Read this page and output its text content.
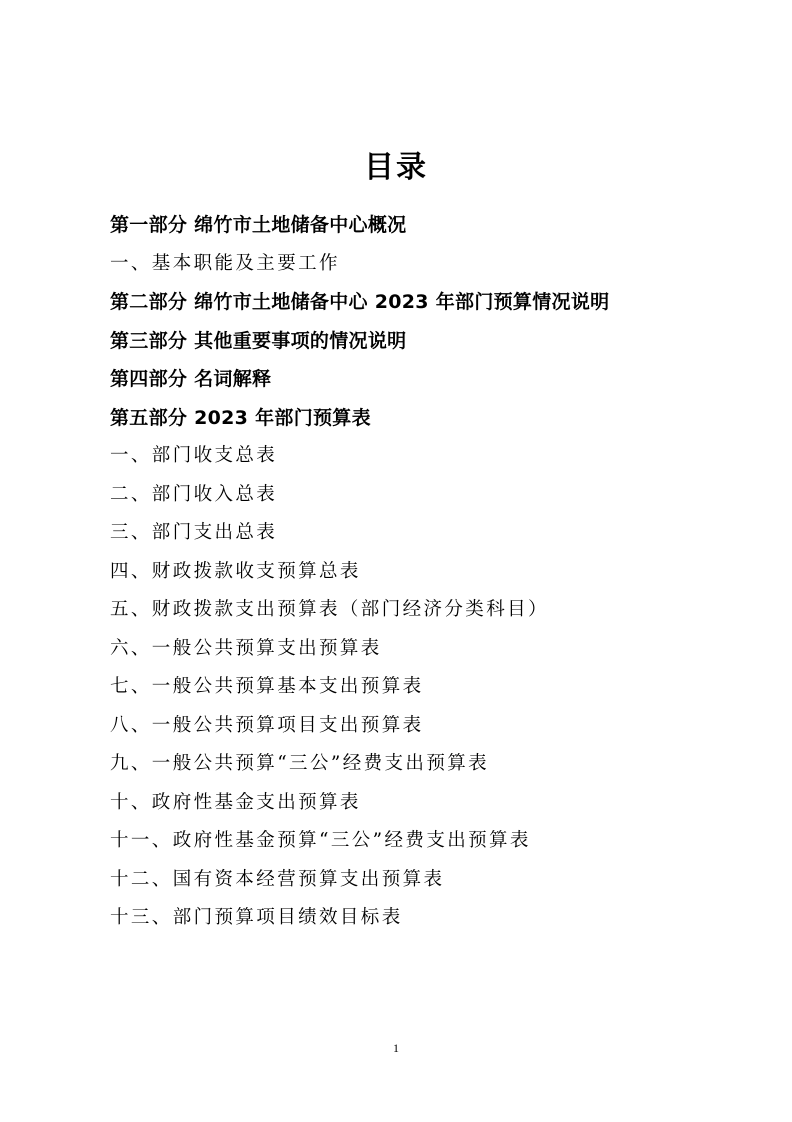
目录
第一部分 绵竹市土地储备中心概况
一、基本职能及主要工作
第二部分 绵竹市土地储备中心 2023 年部门预算情况说明
第三部分 其他重要事项的情况说明
第四部分 名词解释
第五部分 2023 年部门预算表
一、部门收支总表
二、部门收入总表
三、部门支出总表
四、财政拨款收支预算总表
五、财政拨款支出预算表（部门经济分类科目）
六、一般公共预算支出预算表
七、一般公共预算基本支出预算表
八、一般公共预算项目支出预算表
九、一般公共预算“三公”经费支出预算表
十、政府性基金支出预算表
十一、政府性基金预算“三公”经费支出预算表
十二、国有资本经营预算支出预算表
十三、部门预算项目绩效目标表
1
